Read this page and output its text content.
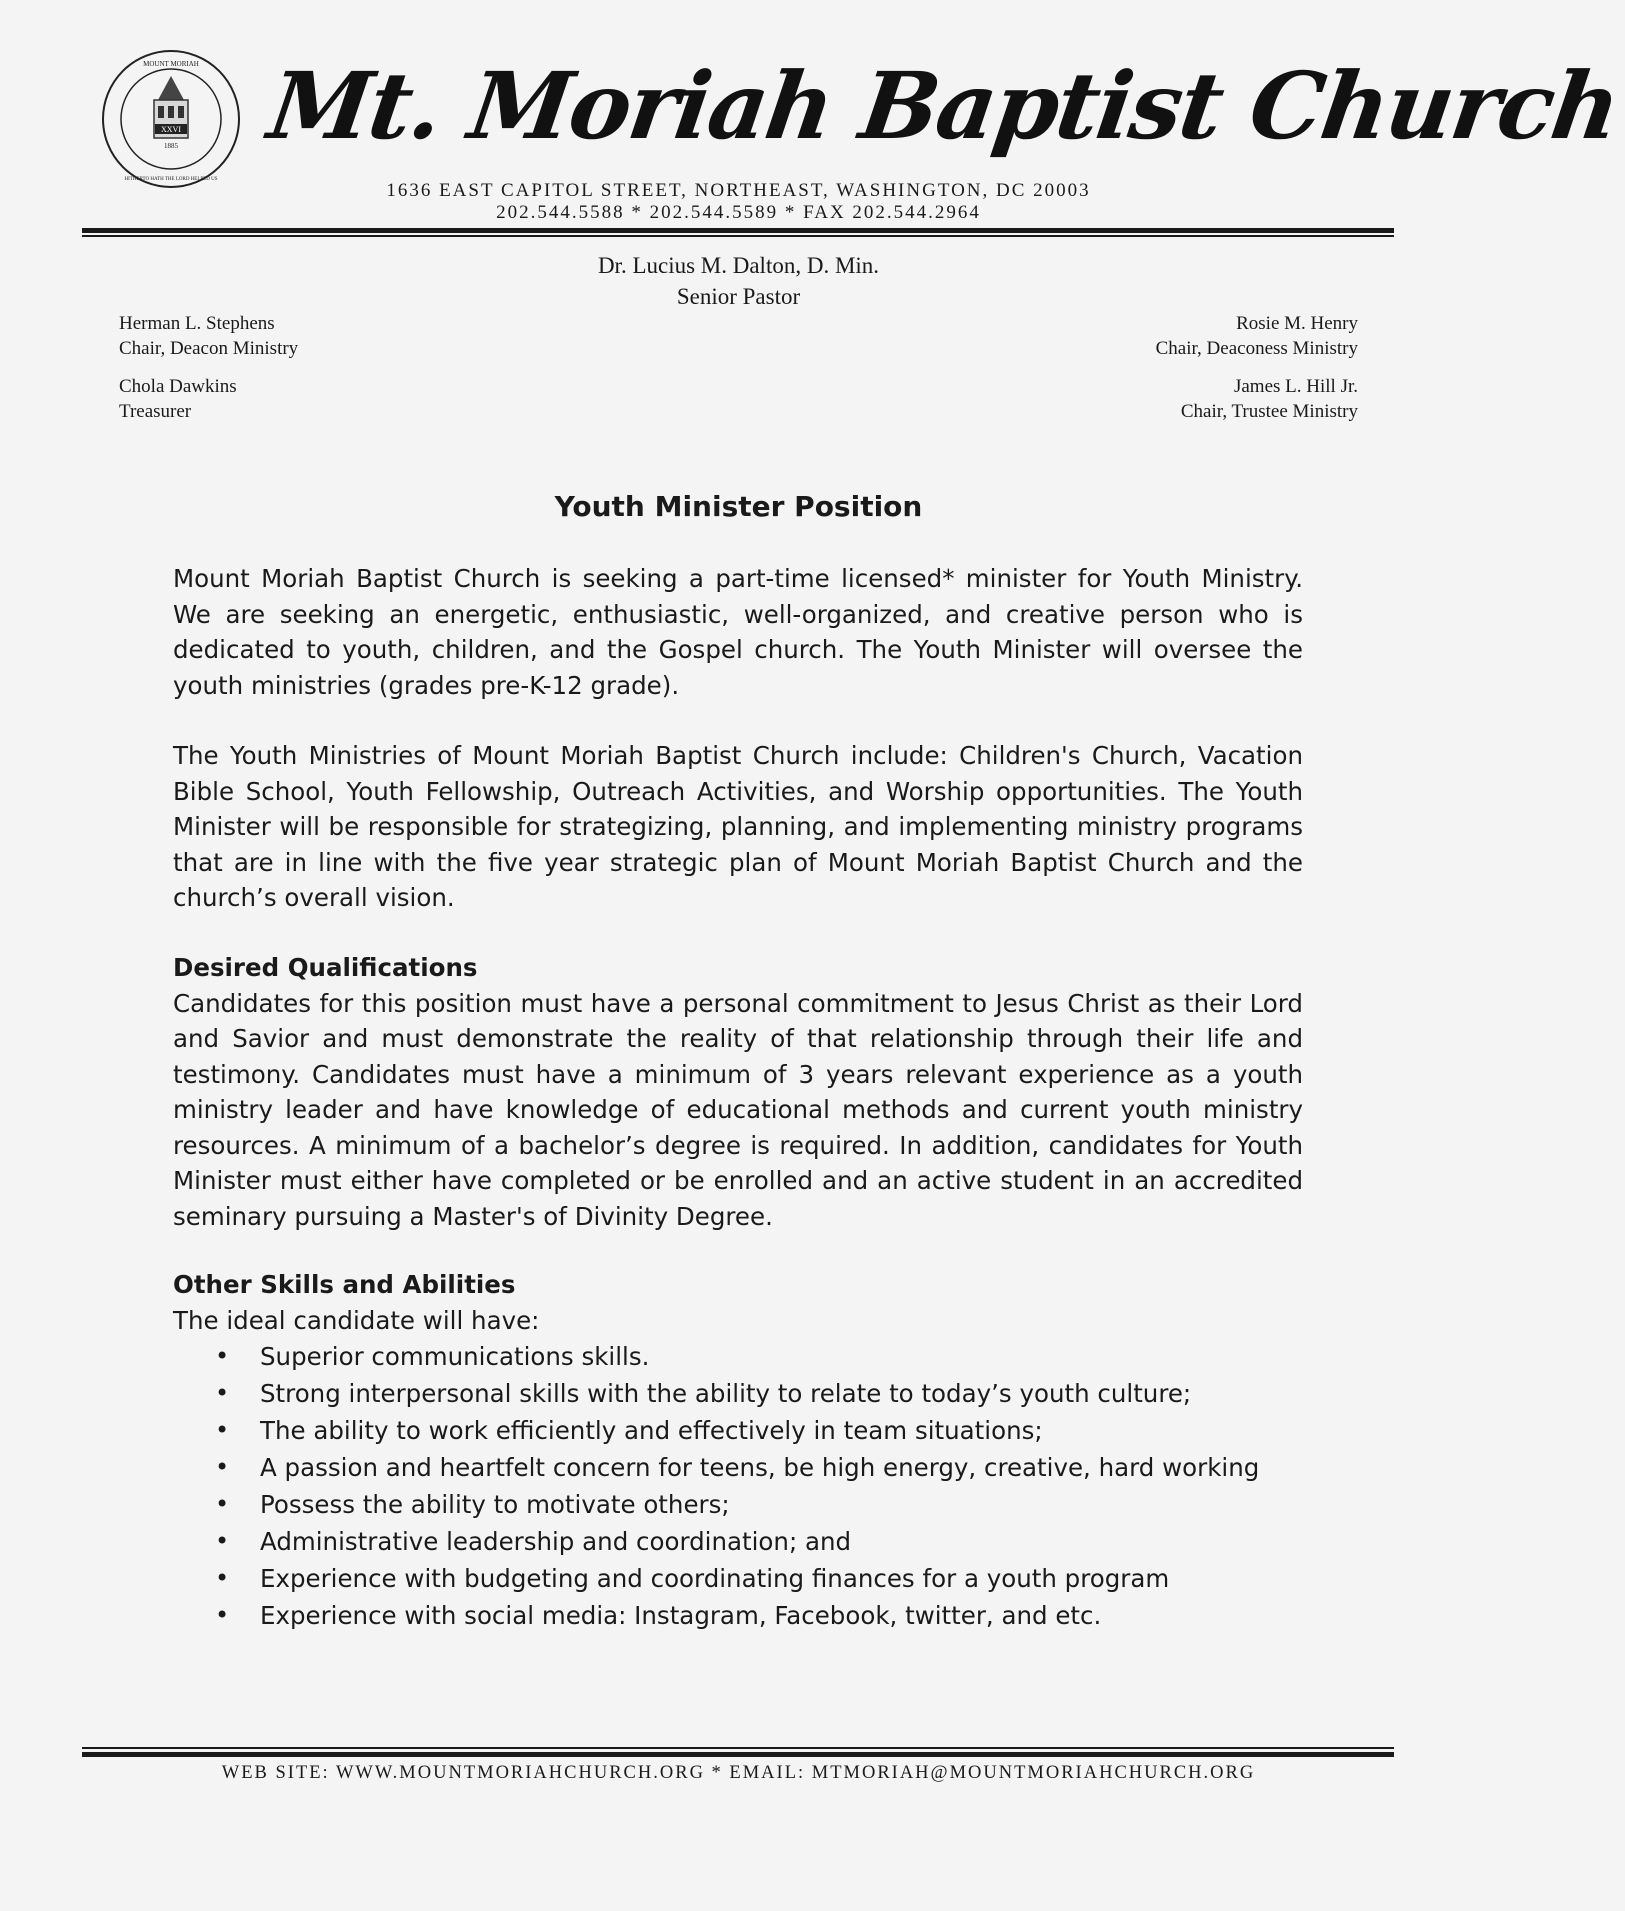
XXVI
1885
MOUNT MORIAH
HITHERTO HATH THE LORD HELPED US
Mt. Moriah Baptist Church
1636 EAST CAPITOL STREET, NORTHEAST, WASHINGTON, DC 20003
202.544.5588 * 202.544.5589 * FAX 202.544.2964
Dr. Lucius M. Dalton, D. Min.
Senior Pastor
Herman L. Stephens
Chair, Deacon Ministry
Chola Dawkins
Treasurer
Rosie M. Henry
Chair, Deaconess Ministry
James L. Hill Jr.
Chair, Trustee Ministry
Youth Minister Position

Mount Moriah Baptist Church is seeking a part-time licensed* minister for Youth Ministry. We are seeking an energetic, enthusiastic, well-organized, and creative person who is dedicated to youth, children, and the Gospel church. The Youth Minister will oversee the youth ministries (grades pre-K-12 grade).

The Youth Ministries of Mount Moriah Baptist Church include: Children's Church, Vacation Bible School, Youth Fellowship, Outreach Activities, and Worship opportunities. The Youth Minister will be responsible for strategizing, planning, and implementing ministry programs that are in line with the five year strategic plan of Mount Moriah Baptist Church and the church’s overall vision.

Desired Qualifications

Candidates for this position must have a personal commitment to Jesus Christ as their Lord and Savior and must demonstrate the reality of that relationship through their life and testimony. Candidates must have a minimum of 3 years relevant experience as a youth ministry leader and have knowledge of educational methods and current youth ministry resources. A minimum of a bachelor’s degree is required. In addition, candidates for Youth Minister must either have completed or be enrolled and an active student in an accredited seminary pursuing a Master's of Divinity Degree.

Other Skills and Abilities
The ideal candidate will have:
• Superior communications skills.
• Strong interpersonal skills with the ability to relate to today’s youth culture;
• The ability to work efficiently and effectively in team situations;
• A passion and heartfelt concern for teens, be high energy, creative, hard working
• Possess the ability to motivate others;
• Administrative leadership and coordination; and
• Experience with budgeting and coordinating finances for a youth program
• Experience with social media: Instagram, Facebook, twitter, and etc.
WEB SITE: WWW.MOUNTMORIAHCHURCH.ORG * EMAIL: MTMORIAH@MOUNTMORIAHCHURCH.ORG
